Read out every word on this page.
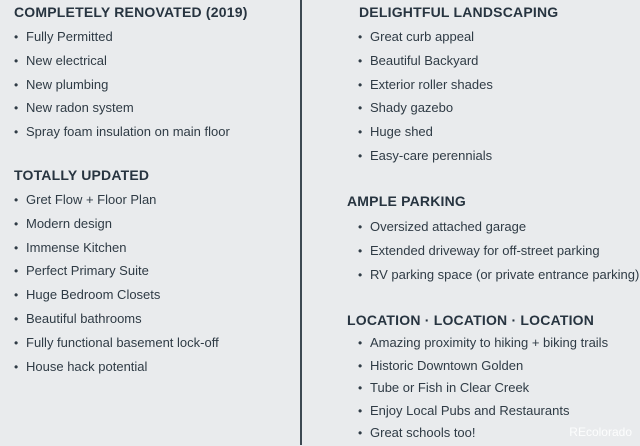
COMPLETELY RENOVATED (2019)
• Fully Permitted
• New electrical
• New plumbing
• New radon system
• Spray foam insulation on main floor
TOTALLY UPDATED
• Gret Flow + Floor Plan
• Modern design
• Immense Kitchen
• Perfect Primary Suite
• Huge Bedroom Closets
• Beautiful bathrooms
• Fully functional basement lock-off
• House hack potential
DELIGHTFUL LANDSCAPING
• Great curb appeal
• Beautiful Backyard
• Exterior roller shades
• Shady gazebo
• Huge shed
• Easy-care perennials
AMPLE PARKING
• Oversized attached garage
• Extended driveway for off-street parking
• RV parking space (or private entrance parking)
LOCATION · LOCATION · LOCATION
• Amazing proximity to hiking + biking trails
• Historic Downtown Golden
• Tube or Fish in Clear Creek
• Enjoy Local Pubs and Restaurants
• Great schools too!	REcolorado
